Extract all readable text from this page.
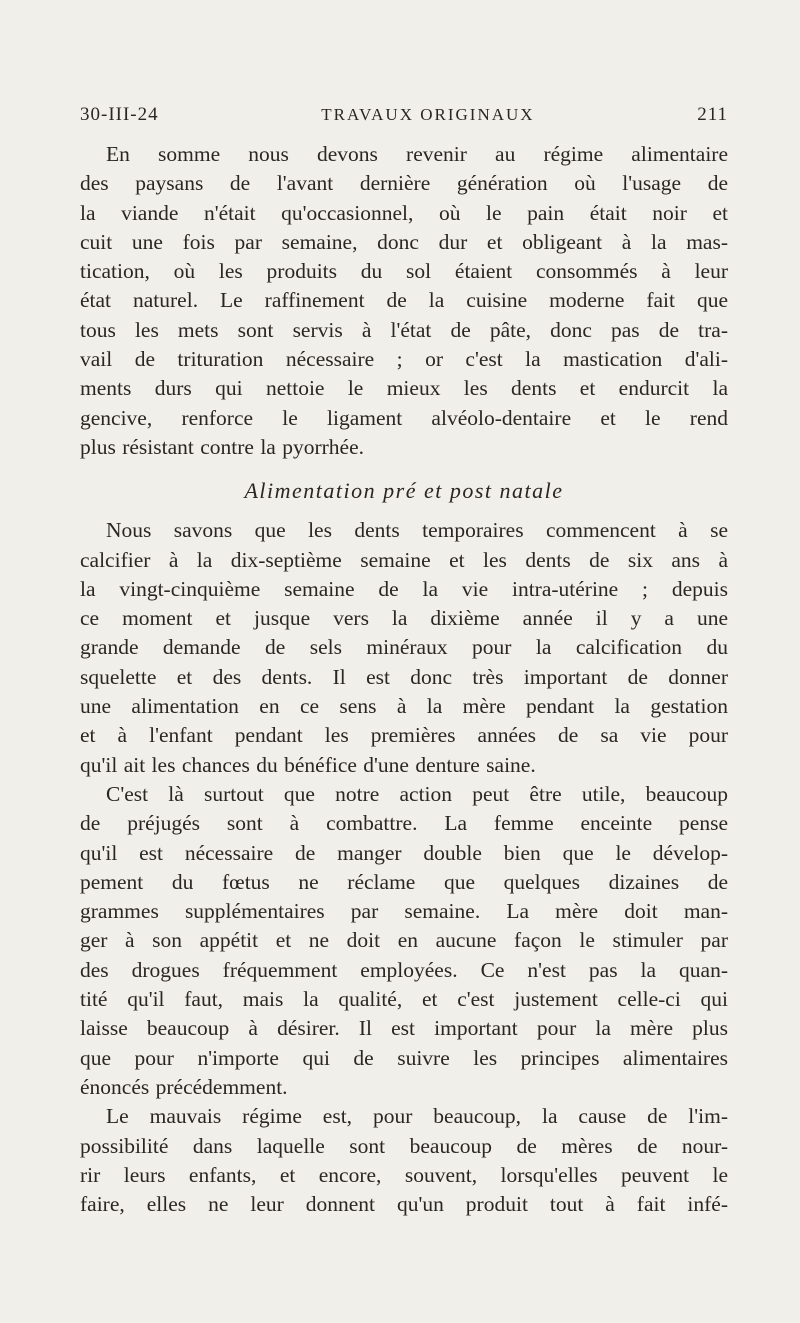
30-III-24	TRAVAUX ORIGINAUX	211

En somme nous devons revenir au régime alimentaire

des paysans de l'avant dernière génération où l'usage de

la viande n'était qu'occasionnel, où le pain était noir et

cuit une fois par semaine, donc dur et obligeant à la mas-

tication, où les produits du sol étaient consommés à leur

état naturel. Le raffinement de la cuisine moderne fait que

tous les mets sont servis à l'état de pâte, donc pas de tra-

vail de trituration nécessaire ; or c'est la mastication d'ali-

ments durs qui nettoie le mieux les dents et endurcit la

gencive, renforce le ligament alvéolo-dentaire et le rend

plus résistant contre la pyorrhée.

Alimentation pré et post natale

Nous savons que les dents temporaires commencent à se

calcifier à la dix-septième semaine et les dents de six ans à

la vingt-cinquième semaine de la vie intra-utérine ; depuis

ce moment et jusque vers la dixième année il y a une

grande demande de sels minéraux pour la calcification du

squelette et des dents. Il est donc très important de donner

une alimentation en ce sens à la mère pendant la gestation

et à l'enfant pendant les premières années de sa vie pour

qu'il ait les chances du bénéfice d'une denture saine.

C'est là surtout que notre action peut être utile, beaucoup

de préjugés sont à combattre. La femme enceinte pense

qu'il est nécessaire de manger double bien que le dévelop-

pement du fœtus ne réclame que quelques dizaines de

grammes supplémentaires par semaine. La mère doit man-

ger à son appétit et ne doit en aucune façon le stimuler par

des drogues fréquemment employées. Ce n'est pas la quan-

tité qu'il faut, mais la qualité, et c'est justement celle-ci qui

laisse beaucoup à désirer. Il est important pour la mère plus

que pour n'importe qui de suivre les principes alimentaires

énoncés précédemment.

Le mauvais régime est, pour beaucoup, la cause de l'im-

possibilité dans laquelle sont beaucoup de mères de nour-

rir leurs enfants, et encore, souvent, lorsqu'elles peuvent le

faire, elles ne leur donnent qu'un produit tout à fait infé-
